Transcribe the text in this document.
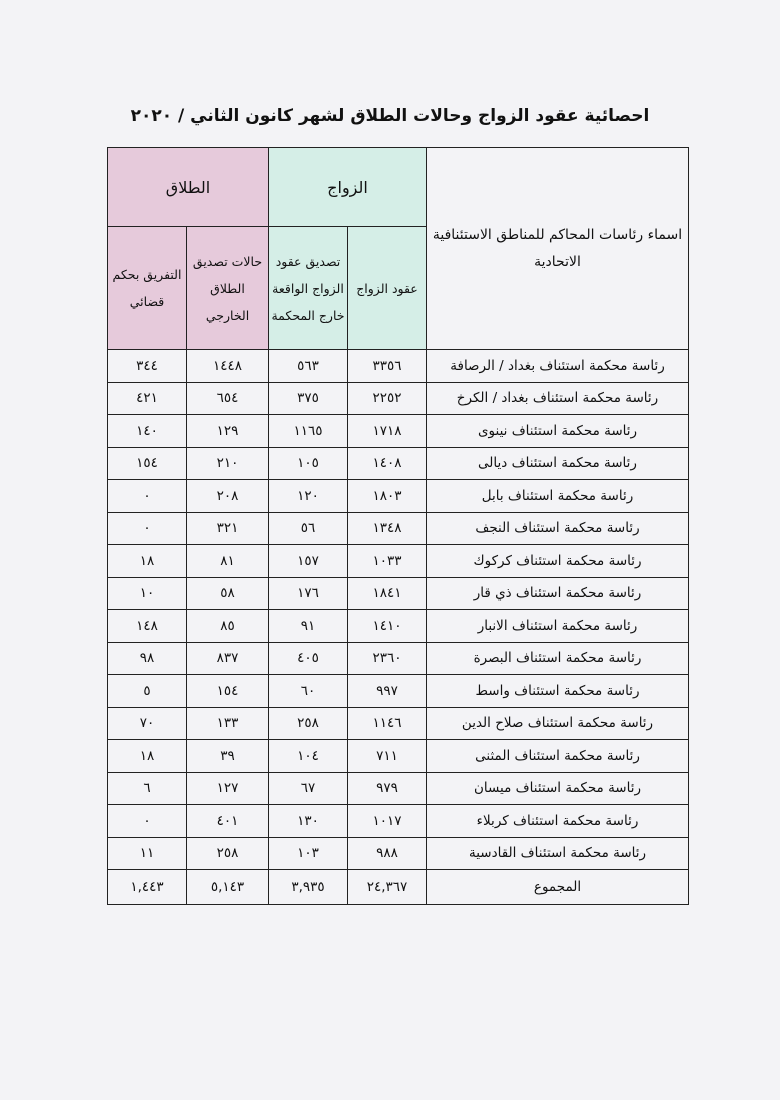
احصائية عقود الزواج وحالات الطلاق لشهر كانون الثاني / ٢٠٢٠
اسماء رئاسات المحاكم للمناطق الاستئنافية الاتحادية	الزواج		الطلاق	
	عقود الزواج	تصديق عقود الزواج الواقعة خارج المحكمة	حالات تصديق الطلاق الخارجي	التفريق بحكم قضائي
رئاسة محكمة استئناف بغداد / الرصافة	٣٣٥٦	٥٦٣	١٤٤٨	٣٤٤
رئاسة محكمة استئناف بغداد / الكرخ	٢٢٥٢	٣٧٥	٦٥٤	٤٢١
رئاسة محكمة استئناف نينوى	١٧١٨	١١٦٥	١٢٩	١٤٠
رئاسة محكمة استئناف ديالى	١٤٠٨	١٠٥	٢١٠	١٥٤
رئاسة محكمة استئناف بابل	١٨٠٣	١٢٠	٢٠٨	٠
رئاسة محكمة استئناف النجف	١٣٤٨	٥٦	٣٢١	٠
رئاسة محكمة استئناف كركوك	١٠٣٣	١٥٧	٨١	١٨
رئاسة محكمة استئناف ذي قار	١٨٤١	١٧٦	٥٨	١٠
رئاسة محكمة استئناف الانبار	١٤١٠	٩١	٨٥	١٤٨
رئاسة محكمة استئناف البصرة	٢٣٦٠	٤٠٥	٨٣٧	٩٨
رئاسة محكمة استئناف واسط	٩٩٧	٦٠	١٥٤	٥
رئاسة محكمة استئناف صلاح الدين	١١٤٦	٢٥٨	١٣٣	٧٠
رئاسة محكمة استئناف المثنى	٧١١	١٠٤	٣٩	١٨
رئاسة محكمة استئناف ميسان	٩٧٩	٦٧	١٢٧	٦
رئاسة محكمة استئناف كربلاء	١٠١٧	١٣٠	٤٠١	٠
رئاسة محكمة استئناف القادسية	٩٨٨	١٠٣	٢٥٨	١١
المجموع	٢٤,٣٦٧	٣,٩٣٥	٥,١٤٣	١,٤٤٣
